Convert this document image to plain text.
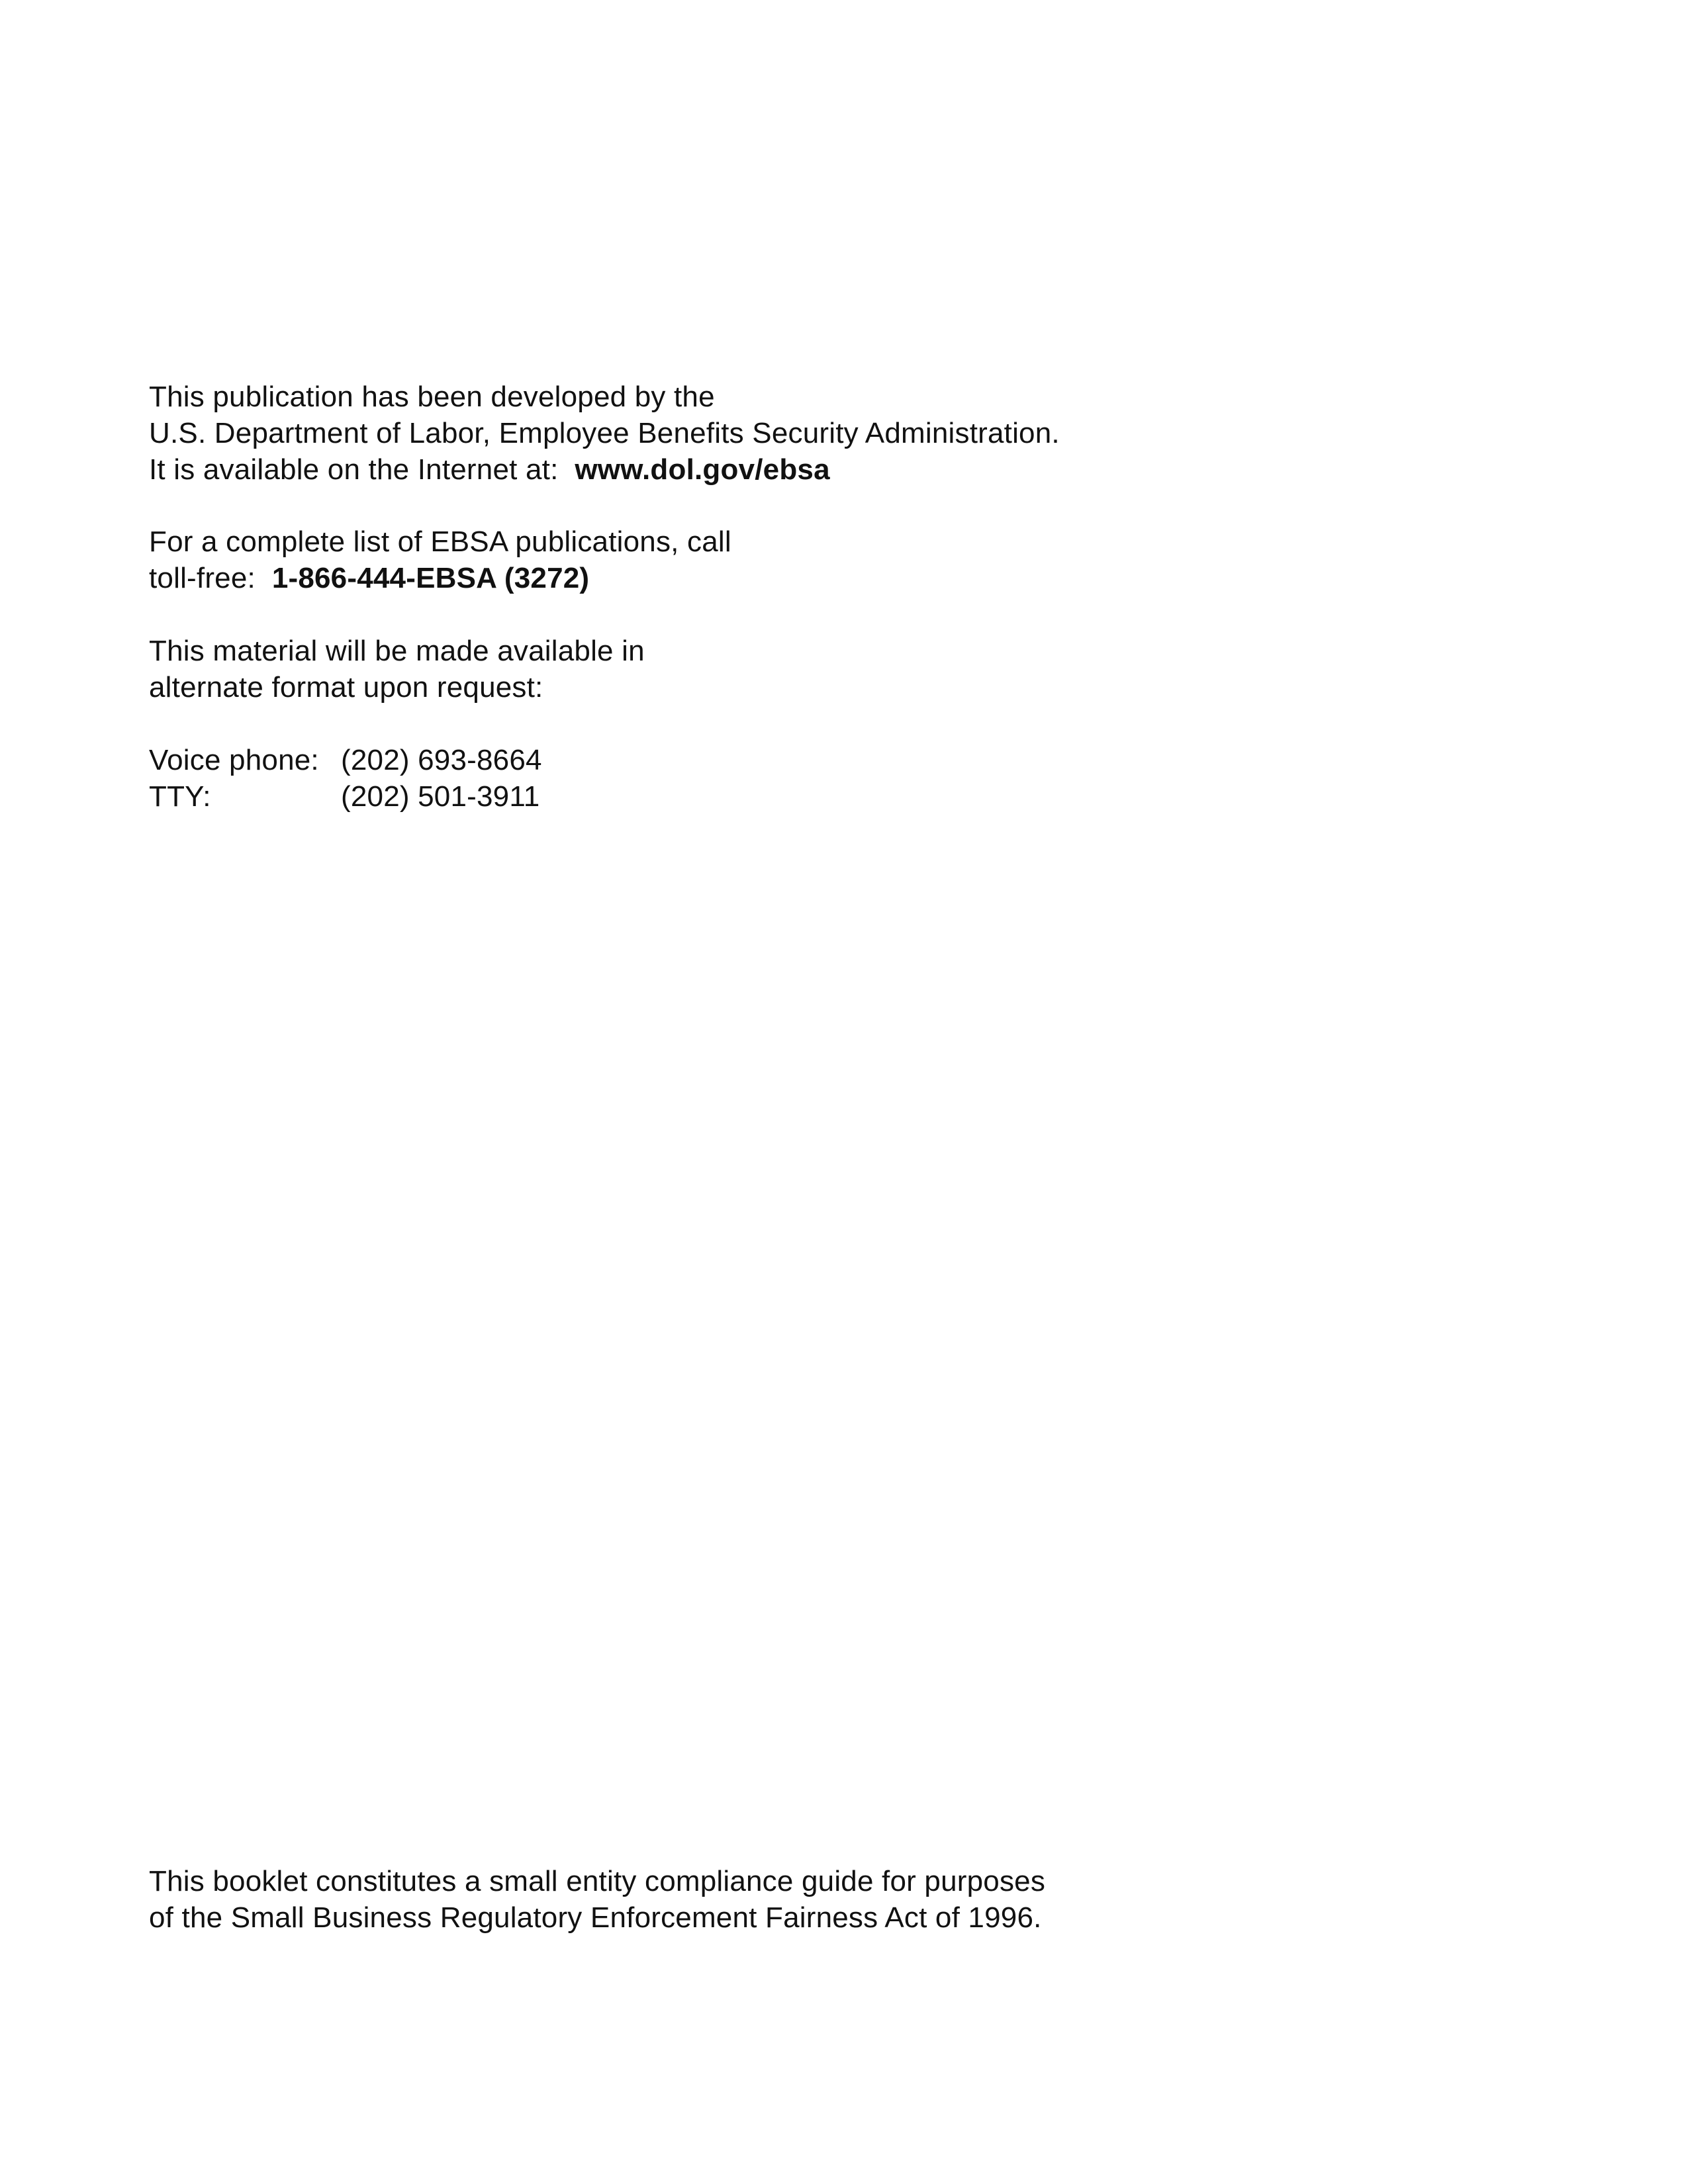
This publication has been developed by the
U.S. Department of Labor, Employee Benefits Security Administration.
It is available on the Internet at: www.dol.gov/ebsa
For a complete list of EBSA publications, call
toll-free: 1-866-444-EBSA (3272)
This material will be made available in
alternate format upon request:
Voice phone: (202) 693-8664
TTY:	(202) 501-3911
This booklet constitutes a small entity compliance guide for purposes
of the Small Business Regulatory Enforcement Fairness Act of 1996.
